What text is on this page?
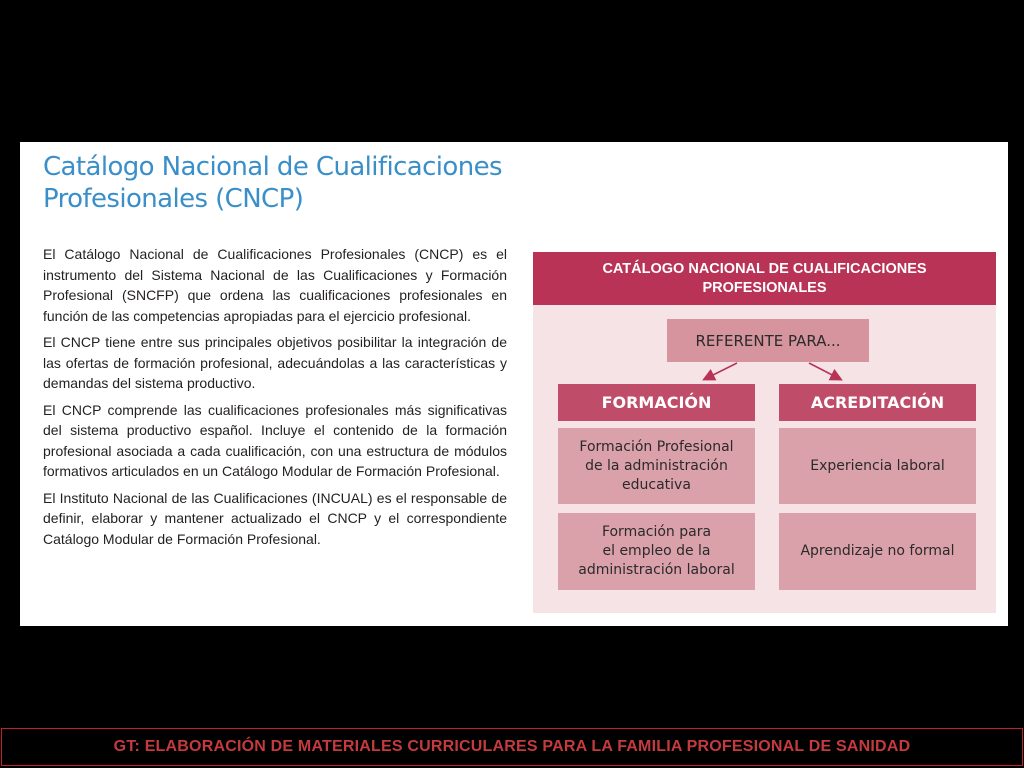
Catálogo Nacional de Cualificaciones Profesionales (CNCP)

El Catálogo Nacional de Cualificaciones Profesionales (CNCP) es el instrumento del Sistema Nacional de las Cualificaciones y Formación Profesional (SNCFP) que ordena las cualificaciones profesionales en función de las competencias apropiadas para el ejercicio profesional.

El CNCP tiene entre sus principales objetivos posibilitar la integración de las ofertas de formación profesional, adecuándolas a las características y demandas del sistema productivo.

El CNCP comprende las cualificaciones profesionales más significativas del sistema productivo español. Incluye el contenido de la formación profesional asociada a cada cualificación, con una estructura de módulos formativos articulados en un Catálogo Modular de Formación Profesional.

El Instituto Nacional de las Cualificaciones (INCUAL) es el responsable de definir, elaborar y mantener actualizado el CNCP y el correspondiente Catálogo Modular de Formación Profesional.

CATÁLOGO NACIONAL DE CUALIFICACIONES
PROFESIONALES
REFERENTE PARA...
FORMACIÓN	ACREDITACIÓN
Formación Profesional
de la administración
educativa
Formación para
el empleo de la
administración laboral
Experiencia laboral
Aprendizaje no formal
GT: ELABORACIÓN DE MATERIALES CURRICULARES PARA LA FAMILIA PROFESIONAL DE SANIDAD
